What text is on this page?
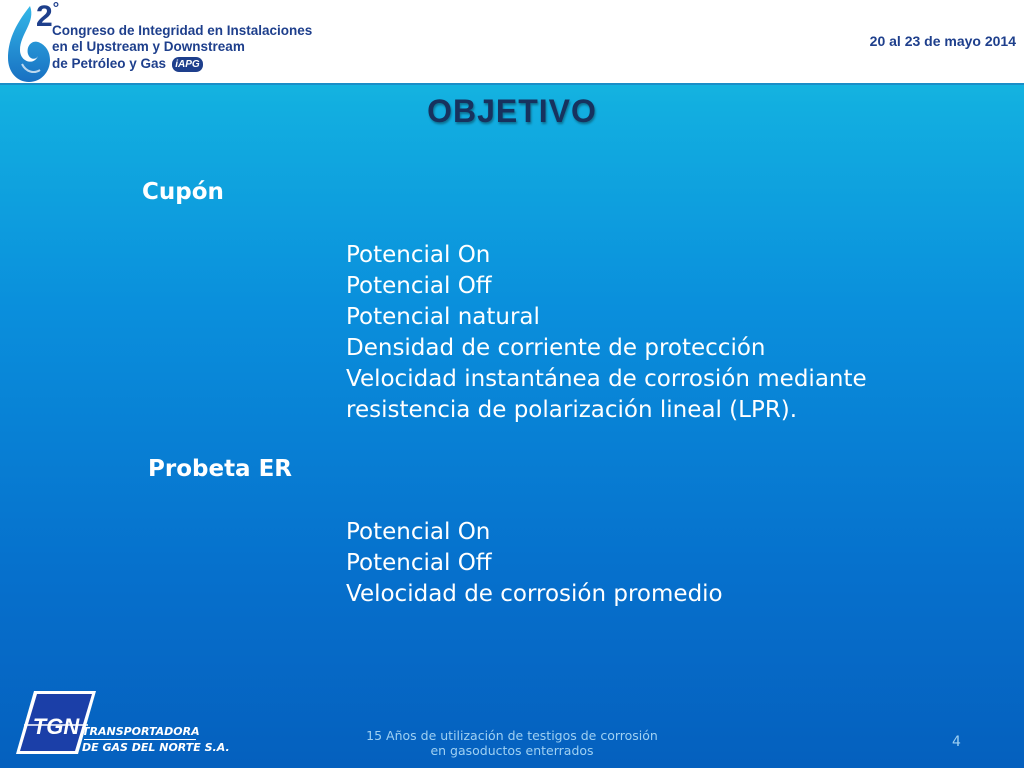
2°
Congreso de Integridad en Instalaciones
en el Upstream y Downstream
de Petróleo y Gas iAPG
20 al 23 de mayo 2014
OBJETIVO
Cupón
Potencial On
Potencial Off
Potencial natural
Densidad de corriente de protección
Velocidad instantánea de corrosión mediante
resistencia de polarización lineal (LPR).
Probeta ER
Potencial On
Potencial Off
Velocidad de corrosión promedio
TGN TRANSPORTADORA
DE GAS DEL NORTE S.A.
15 Años de utilización de testigos de corrosión
en gasoductos enterrados
4
